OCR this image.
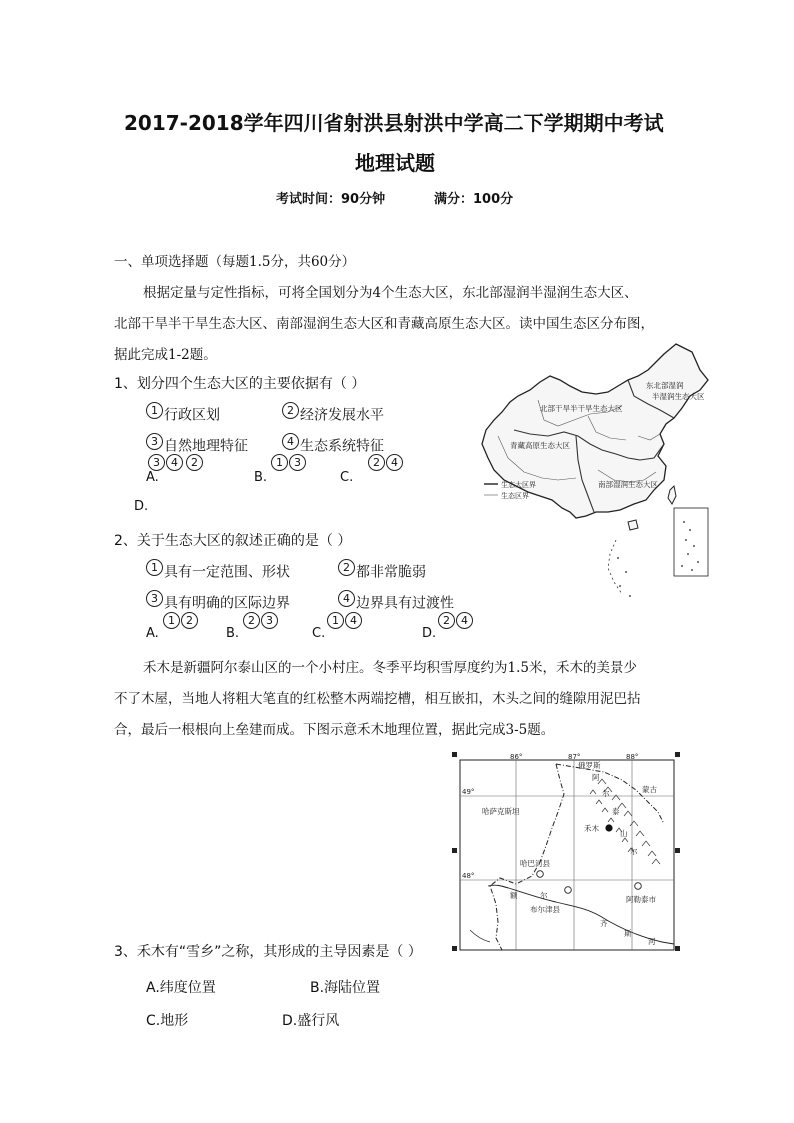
2017-2018学年四川省射洪县射洪中学高二下学期期中考试
地理试题
考试时间：90分钟	满分：100分
一、单项选择题（每题1.5分，共60分）
根据定量与定性指标，可将全国划分为4个生态大区，东北部湿润半湿润生态大区、
北部干旱半干旱生态大区、南部湿润生态大区和青藏高原生态大区。读中国生态区分布图，
据此完成1-2题。
1、划分四个生态大区的主要依据有（ ）
1 行政区划	2 经济发展水平
3 自然地理特征	4 生态系统特征
3	4	2
A.	B.
1	3
C.
2	4
D.
2、关于生态大区的叙述正确的是（ ）
1 具有一定范围、形状	2 都非常脆弱
3 具有明确的区际边界	4 边界具有过渡性
A.
1	2
B.
2	3
C.
1	4
D.
2	4
禾木是新疆阿尔泰山区的一个小村庄。冬季平均积雪厚度约为1.5米，禾木的美景少
不了木屋，当地人将粗大笔直的红松整木两端挖槽，相互嵌扣，木头之间的缝隙用泥巴拈
合，最后一根根向上垒建而成。下图示意禾木地理位置，据此完成3-5题。
3、禾木有“雪乡”之称，其形成的主导因素是（ ）
A.纬度位置	B.海陆位置
C.地形	D.盛行风
东北部湿润
半湿润生态大区
北部干旱半干旱生态大区
青藏高原生态大区
南部湿润生态大区
生态大区界
生态区界
86°	87°	88°
49°
48°
俄罗斯
蒙古
哈萨克斯坦
禾木
哈巴河县
布尔津县
阿勒泰市
阿
尔
泰
山
尔
额	尔
齐
斯
河
